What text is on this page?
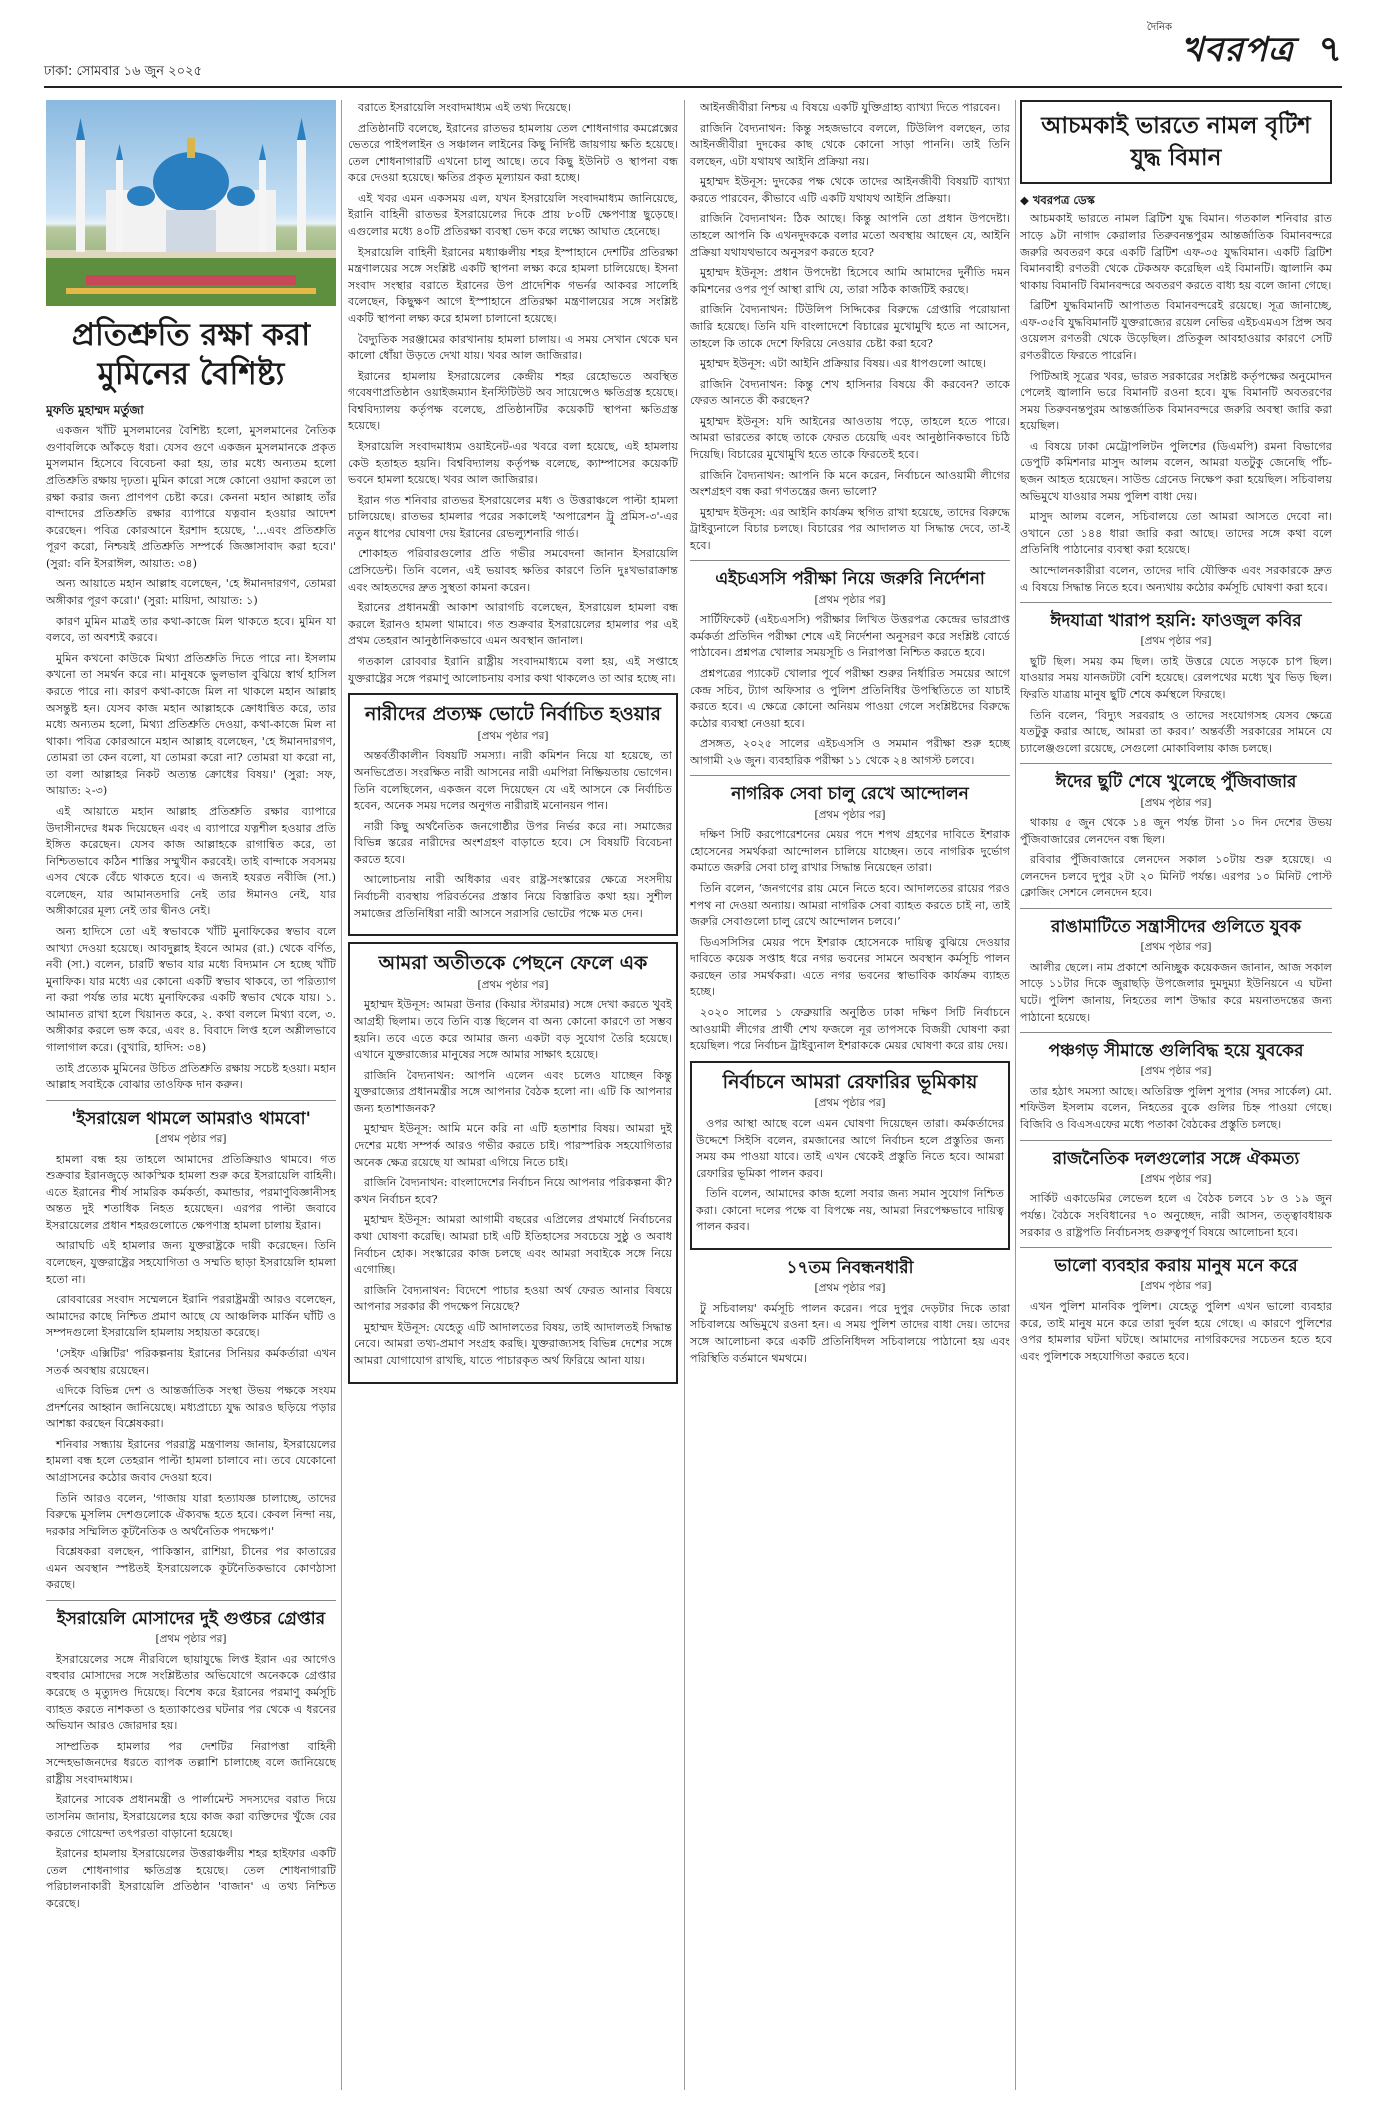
ঢাকা: সোমবার ১৬ জুন ২০২৫
দৈনিক
খবরপত্র ৭
প্রতিশ্রুতি রক্ষা করা মুমিনের বৈশিষ্ট্য
মুফতি মুহাম্মদ মর্তুজা

একজন খাঁটি মুসলমানের বৈশিষ্ট্য হলো, মুসলমানের নৈতিক গুণাবলিকে আঁকড়ে ধরা। যেসব গুণে একজন মুসলমানকে প্রকৃত মুসলমান হিসেবে বিবেচনা করা হয়, তার মধ্যে অন্যতম হলো প্রতিশ্রুতি রক্ষায় দৃঢ়তা। মুমিন কারো সঙ্গে কোনো ওয়াদা করলে তা রক্ষা করার জন্য প্রাণপণ চেষ্টা করে। কেননা মহান আল্লাহ তাঁর বান্দাদের প্রতিশ্রুতি রক্ষার ব্যাপারে যত্নবান হওয়ার আদেশ করেছেন। পবিত্র কোরআনে ইরশাদ হয়েছে, '...এবং প্রতিশ্রুতি পূরণ করো, নিশ্চয়ই প্রতিশ্রুতি সম্পর্কে জিজ্ঞাসাবাদ করা হবে।' (সুরা: বনি ইসরাঈল, আয়াত: ৩৪)

অন্য আয়াতে মহান আল্লাহ বলেছেন, 'হে ঈমানদারগণ, তোমরা অঙ্গীকার পূরণ করো।' (সুরা: মায়িদা, আয়াত: ১)

কারণ মুমিন মাত্রই তার কথা-কাজে মিল থাকতে হবে। মুমিন যা বলবে, তা অবশ্যই করবে।

মুমিন কখনো কাউকে মিথ্যা প্রতিশ্রুতি দিতে পারে না। ইসলাম কখনো তা সমর্থন করে না। মানুষকে ভুলভাল বুঝিয়ে স্বার্থ হাসিল করতে পারে না। কারণ কথা-কাজে মিল না থাকলে মহান আল্লাহ অসন্তুষ্ট হন। যেসব কাজ মহান আল্লাহকে ক্রোধান্বিত করে, তার মধ্যে অন্যতম হলো, মিথ্যা প্রতিশ্রুতি দেওয়া, কথা-কাজে মিল না থাকা। পবিত্র কোরআনে মহান আল্লাহ বলেছেন, 'হে ঈমানদারগণ, তোমরা তা কেন বলো, যা তোমরা করো না? তোমরা যা করো না, তা বলা আল্লাহর নিকট অত্যন্ত ক্রোধের বিষয়।' (সুরা: সফ, আয়াত: ২-৩)

এই আয়াতে মহান আল্লাহ প্রতিশ্রুতি রক্ষার ব্যাপারে উদাসীনদের ধমক দিয়েছেন এবং এ ব্যাপারে যত্নশীল হওয়ার প্রতি ইঙ্গিত করেছেন। যেসব কাজ আল্লাহকে রাগান্বিত করে, তা নিশ্চিতভাবে কঠিন শাস্তির সম্মুখীন করবেই। তাই বান্দাকে সবসময় এসব থেকে বেঁচে থাকতে হবে। এ জন্যই হযরত নবীজি (সা.) বলেছেন, যার আমানতদারি নেই তার ঈমানও নেই, যার অঙ্গীকারের মূল্য নেই তার দ্বীনও নেই।

অন্য হাদিসে তো এই স্বভাবকে খাঁটি মুনাফিকের স্বভাব বলে আখ্যা দেওয়া হয়েছে। আবদুল্লাহ ইবনে আমর (রা.) থেকে বর্ণিত, নবী (সা.) বলেন, চারটি স্বভাব যার মধ্যে বিদ্যমান সে হচ্ছে খাঁটি মুনাফিক। যার মধ্যে এর কোনো একটি স্বভাব থাকবে, তা পরিত্যাগ না করা পর্যন্ত তার মধ্যে মুনাফিকের একটি স্বভাব থেকে যায়। ১. আমানত রাখা হলে খিয়ানত করে, ২. কথা বললে মিথ্যা বলে, ৩. অঙ্গীকার করলে ভঙ্গ করে, এবং ৪. বিবাদে লিপ্ত হলে অশ্লীলভাবে গালাগাল করে। (বুখারি, হাদিস: ৩৪)

তাই প্রত্যেক মুমিনের উচিত প্রতিশ্রুতি রক্ষায় সচেষ্ট হওয়া। মহান আল্লাহ সবাইকে বোঝার তাওফিক দান করুন।

'ইসরায়েল থামলে আমরাও থামবো'
[প্রথম পৃষ্ঠার পর]

হামলা বন্ধ হয় তাহলে আমাদের প্রতিক্রিয়াও থামবে। গত শুক্রবার ইরানজুড়ে আকস্মিক হামলা শুরু করে ইসরায়েলি বাহিনী। এতে ইরানের শীর্ষ সামরিক কর্মকর্তা, কমান্ডার, পরমাণুবিজ্ঞানীসহ অন্তত দুই শতাধিক নিহত হয়েছেন। এরপর পাল্টা জবাবে ইসরায়েলের প্রধান শহরগুলোতে ক্ষেপণাস্ত্র হামলা চালায় ইরান।

আরাঘচি এই হামলার জন্য যুক্তরাষ্ট্রকে দায়ী করেছেন। তিনি বলেছেন, যুক্তরাষ্ট্রের সহযোগিতা ও সম্মতি ছাড়া ইসরায়েলি হামলা হতো না।

রোববারের সংবাদ সম্মেলনে ইরানি পররাষ্ট্রমন্ত্রী আরও বলেছেন, আমাদের কাছে নিশ্চিত প্রমাণ আছে যে আঞ্চলিক মার্কিন ঘাঁটি ও সম্পদগুলো ইসরায়েলি হামলায় সহায়তা করেছে।

'সেইফ এক্সিটির' পরিকল্পনায় ইরানের সিনিয়র কর্মকর্তারা এখন সতর্ক অবস্থায় রয়েছেন।

এদিকে বিভিন্ন দেশ ও আন্তর্জাতিক সংস্থা উভয় পক্ষকে সংযম প্রদর্শনের আহ্বান জানিয়েছে। মধ্যপ্রাচ্যে যুদ্ধ আরও ছড়িয়ে পড়ার আশঙ্কা করছেন বিশ্লেষকরা।

শনিবার সন্ধ্যায় ইরানের পররাষ্ট্র মন্ত্রণালয় জানায়, ইসরায়েলের হামলা বন্ধ হলে তেহরান পাল্টা হামলা চালাবে না। তবে যেকোনো আগ্রাসনের কঠোর জবাব দেওয়া হবে।

তিনি আরও বলেন, 'গাজায় যারা হত্যাযজ্ঞ চালাচ্ছে, তাদের বিরুদ্ধে মুসলিম দেশগুলোকে ঐক্যবদ্ধ হতে হবে। কেবল নিন্দা নয়, দরকার সম্মিলিত কূটনৈতিক ও অর্থনৈতিক পদক্ষেপ।'

বিশ্লেষকরা বলছেন, পাকিস্তান, রাশিয়া, চীনের পর কাতারের এমন অবস্থান স্পষ্টতই ইসরায়েলকে কূটনৈতিকভাবে কোণঠাসা করছে।

ইসরায়েলি মোসাদের দুই গুপ্তচর গ্রেপ্তার
[প্রথম পৃষ্ঠার পর]

ইসরায়েলের সঙ্গে নীরবিলে ছায়াযুদ্ধে লিপ্ত ইরান এর আগেও বহুবার মোসাদের সঙ্গে সংশ্লিষ্টতার অভিযোগে অনেককে গ্রেপ্তার করেছে ও মৃত্যুদণ্ড দিয়েছে। বিশেষ করে ইরানের পরমাণু কর্মসূচি ব্যাহত করতে নাশকতা ও হত্যাকাণ্ডের ঘটনার পর থেকে এ ধরনের অভিযান আরও জোরদার হয়।

সাম্প্রতিক হামলার পর দেশটির নিরাপত্তা বাহিনী সন্দেহভাজনদের ধরতে ব্যাপক তল্লাশি চালাচ্ছে বলে জানিয়েছে রাষ্ট্রীয় সংবাদমাধ্যম।

ইরানের সাবেক প্রধানমন্ত্রী ও পার্লামেন্ট সদস্যদের বরাত দিয়ে তাসনিম জানায়, ইসরায়েলের হয়ে কাজ করা ব্যক্তিদের খুঁজে বের করতে গোয়েন্দা তৎপরতা বাড়ানো হয়েছে।

ইরানের হামলায় ইসরায়েলের উত্তরাঞ্চলীয় শহর হাইফার একটি তেল শোধনাগার ক্ষতিগ্রস্ত হয়েছে। তেল শোধনাগারটি পরিচালনাকারী ইসরায়েলি প্রতিষ্ঠান 'বাজান' এ তথ্য নিশ্চিত করেছে।

বরাতে ইসরায়েলি সংবাদমাধ্যম এই তথ্য দিয়েছে।

প্রতিষ্ঠানটি বলেছে, ইরানের রাতভর হামলায় তেল শোধনাগার কমপ্লেক্সের ভেতরে পাইপলাইন ও সঞ্চালন লাইনের কিছু নির্দিষ্ট জায়গায় ক্ষতি হয়েছে। তেল শোধনাগারটি এখনো চালু আছে। তবে কিছু ইউনিট ও স্থাপনা বন্ধ করে দেওয়া হয়েছে। ক্ষতির প্রকৃত মূল্যায়ন করা হচ্ছে।

এই খবর এমন একসময় এল, যখন ইসরায়েলি সংবাদমাধ্যম জানিয়েছে, ইরানি বাহিনী রাতভর ইসরায়েলের দিকে প্রায় ৮০টি ক্ষেপণাস্ত্র ছুড়েছে। এগুলোর মধ্যে ৪০টি প্রতিরক্ষা ব্যবস্থা ভেদ করে লক্ষ্যে আঘাত হেনেছে।

ইসরায়েলি বাহিনী ইরানের মধ্যাঞ্চলীয় শহর ইস্পাহানে দেশটির প্রতিরক্ষা মন্ত্রণালয়ের সঙ্গে সংশ্লিষ্ট একটি স্থাপনা লক্ষ্য করে হামলা চালিয়েছে। ইসনা সংবাদ সংস্থার বরাতে ইরানের উপ প্রাদেশিক গভর্নর আকবর সালেহি বলেছেন, কিছুক্ষণ আগে ইস্পাহানে প্রতিরক্ষা মন্ত্রণালয়ের সঙ্গে সংশ্লিষ্ট একটি স্থাপনা লক্ষ্য করে হামলা চালানো হয়েছে।

বৈদ্যুতিক সরঞ্জামের কারখানায় হামলা চালায়। এ সময় সেখান থেকে ঘন কালো ধোঁয়া উড়তে দেখা যায়। খবর আল জাজিরার।

ইরানের হামলায় ইসরায়েলের কেন্দ্রীয় শহর রেহোভতে অবস্থিত গবেষণাপ্রতিষ্ঠান ওয়াইজম্যান ইনস্টিটিউট অব সায়েন্সেও ক্ষতিগ্রস্ত হয়েছে। বিশ্ববিদ্যালয় কর্তৃপক্ষ বলেছে, প্রতিষ্ঠানটির কয়েকটি স্থাপনা ক্ষতিগ্রস্ত হয়েছে।

ইসরায়েলি সংবাদমাধ্যম ওয়াইনেট-এর খবরে বলা হয়েছে, এই হামলায় কেউ হতাহত হয়নি। বিশ্ববিদ্যালয় কর্তৃপক্ষ বলেছে, ক্যাম্পাসের কয়েকটি ভবনে হামলা হয়েছে। খবর আল জাজিরার।

ইরান গত শনিবার রাতভর ইসরায়েলের মধ্য ও উত্তরাঞ্চলে পাল্টা হামলা চালিয়েছে। রাতভর হামলার পরের সকালেই 'অপারেশন ট্রু প্রমিস-৩'-এর নতুন ধাপের ঘোষণা দেয় ইরানের রেভল্যুশনারি গার্ড।

শোকাহত পরিবারগুলোর প্রতি গভীর সমবেদনা জানান ইসরায়েলি প্রেসিডেন্ট। তিনি বলেন, এই ভয়াবহ ক্ষতির কারণে তিনি দুঃখভারাক্রান্ত এবং আহতদের দ্রুত সুস্থতা কামনা করেন।

ইরানের প্রধানমন্ত্রী আকাশ আরাগচি বলেছেন, ইসরায়েল হামলা বন্ধ করলে ইরানও হামলা থামাবে। গত শুক্রবার ইসরায়েলের হামলার পর এই প্রথম তেহরান আনুষ্ঠানিকভাবে এমন অবস্থান জানাল।

গতকাল রোববার ইরানি রাষ্ট্রীয় সংবাদমাধ্যমে বলা হয়, এই সপ্তাহে যুক্তরাষ্ট্রের সঙ্গে পরমাণু আলোচনায় বসার কথা থাকলেও তা আর হচ্ছে না।

নারীদের প্রত্যক্ষ ভোটে নির্বাচিত হওয়ার
[প্রথম পৃষ্ঠার পর]

অন্তর্বর্তীকালীন বিষয়টি সমস্যা। নারী কমিশন নিয়ে যা হয়েছে, তা অনভিপ্রেত। সংরক্ষিত নারী আসনের নারী এমপিরা নিষ্ক্রিয়তায় ভোগেন। তিনি বলেছিলেন, একজন বলে দিয়েছেন যে এই আসনে কে নির্বাচিত হবেন, অনেক সময় দলের অনুগত নারীরাই মনোনয়ন পান।

নারী কিছু অর্থনৈতিক জনগোষ্ঠীর উপর নির্ভর করে না। সমাজের বিভিন্ন স্তরের নারীদের অংশগ্রহণ বাড়াতে হবে। সে বিষয়টি বিবেচনা করতে হবে।

আলোচনায় নারী অধিকার এবং রাষ্ট্র-সংস্কারের ক্ষেত্রে সংসদীয় নির্বাচনী ব্যবস্থায় পরিবর্তনের প্রস্তাব নিয়ে বিস্তারিত কথা হয়। সুশীল সমাজের প্রতিনিধিরা নারী আসনে সরাসরি ভোটের পক্ষে মত দেন।

আমরা অতীতকে পেছনে ফেলে এক
[প্রথম পৃষ্ঠার পর]

মুহাম্মদ ইউনূস: আমরা উনার (কিয়ার স্টারমার) সঙ্গে দেখা করতে খুবই আগ্রহী ছিলাম। তবে তিনি ব্যস্ত ছিলেন বা অন্য কোনো কারণে তা সম্ভব হয়নি। তবে এতে করে আমার জন্য একটা বড় সুযোগ তৈরি হয়েছে। এখানে যুক্তরাজ্যের মানুষের সঙ্গে আমার সাক্ষাৎ হয়েছে।

রাজিনি বৈদ্যনাথন: আপনি এলেন এবং চলেও যাচ্ছেন কিন্তু যুক্তরাজ্যের প্রধানমন্ত্রীর সঙ্গে আপনার বৈঠক হলো না। এটি কি আপনার জন্য হতাশাজনক?

মুহাম্মদ ইউনূস: আমি মনে করি না এটি হতাশার বিষয়। আমরা দুই দেশের মধ্যে সম্পর্ক আরও গভীর করতে চাই। পারস্পরিক সহযোগিতার অনেক ক্ষেত্র রয়েছে যা আমরা এগিয়ে নিতে চাই।

রাজিনি বৈদ্যনাথন: বাংলাদেশের নির্বাচন নিয়ে আপনার পরিকল্পনা কী? কখন নির্বাচন হবে?

মুহাম্মদ ইউনূস: আমরা আগামী বছরের এপ্রিলের প্রথমার্ধে নির্বাচনের কথা ঘোষণা করেছি। আমরা চাই এটি ইতিহাসের সবচেয়ে সুষ্ঠু ও অবাধ নির্বাচন হোক। সংস্কারের কাজ চলছে এবং আমরা সবাইকে সঙ্গে নিয়ে এগোচ্ছি।

রাজিনি বৈদ্যনাথন: বিদেশে পাচার হওয়া অর্থ ফেরত আনার বিষয়ে আপনার সরকার কী পদক্ষেপ নিয়েছে?

মুহাম্মদ ইউনূস: যেহেতু এটি আদালতের বিষয়, তাই আদালতই সিদ্ধান্ত নেবে। আমরা তথ্য-প্রমাণ সংগ্রহ করছি। যুক্তরাজ্যসহ বিভিন্ন দেশের সঙ্গে আমরা যোগাযোগ রাখছি, যাতে পাচারকৃত অর্থ ফিরিয়ে আনা যায়।

আইনজীবীরা নিশ্চয় এ বিষয়ে একটি যুক্তিগ্রাহ্য ব্যাখ্যা দিতে পারবেন।

রাজিনি বৈদ্যনাথন: কিন্তু সহজভাবে বললে, টিউলিপ বলছেন, তার আইনজীবীরা দুদকের কাছ থেকে কোনো সাড়া পাননি। তাই তিনি বলছেন, এটা যথাযথ আইনি প্রক্রিয়া নয়।

মুহাম্মদ ইউনূস: দুদকের পক্ষ থেকে তাদের আইনজীবী বিষয়টি ব্যাখ্যা করতে পারবেন, কীভাবে এটি একটি যথাযথ আইনি প্রক্রিয়া।

রাজিনি বৈদ্যনাথন: ঠিক আছে। কিন্তু আপনি তো প্রধান উপদেষ্টা। তাহলে আপনি কি এখনদুদককে বলার মতো অবস্থায় আছেন যে, আইনি প্রক্রিয়া যথাযথভাবে অনুসরণ করতে হবে?

মুহাম্মদ ইউনূস: প্রধান উপদেষ্টা হিসেবে আমি আমাদের দুর্নীতি দমন কমিশনের ওপর পূর্ণ আস্থা রাখি যে, তারা সঠিক কাজটিই করছে।

রাজিনি বৈদ্যনাথন: টিউলিপ সিদ্দিকের বিরুদ্ধে গ্রেপ্তারি পরোয়ানা জারি হয়েছে। তিনি যদি বাংলাদেশে বিচারের মুখোমুখি হতে না আসেন, তাহলে কি তাকে দেশে ফিরিয়ে নেওয়ার চেষ্টা করা হবে?

মুহাম্মদ ইউনূস: এটা আইনি প্রক্রিয়ার বিষয়। এর ধাপগুলো আছে।

রাজিনি বৈদ্যনাথন: কিন্তু শেখ হাসিনার বিষয়ে কী করবেন? তাকে ফেরত আনতে কী করছেন?

মুহাম্মদ ইউনূস: যদি আইনের আওতায় পড়ে, তাহলে হতে পারে। আমরা ভারতের কাছে তাকে ফেরত চেয়েছি এবং আনুষ্ঠানিকভাবে চিঠি দিয়েছি। বিচারের মুখোমুখি হতে তাকে ফিরতেই হবে।

রাজিনি বৈদ্যনাথন: আপনি কি মনে করেন, নির্বাচনে আওয়ামী লীগের অংশগ্রহণ বন্ধ করা গণতন্ত্রের জন্য ভালো?

মুহাম্মদ ইউনূস: এর আইনি কার্যক্রম স্থগিত রাখা হয়েছে, তাদের বিরুদ্ধে ট্রাইব্যুনালে বিচার চলছে। বিচারের পর আদালত যা সিদ্ধান্ত দেবে, তা-ই হবে।

এইচএসসি পরীক্ষা নিয়ে জরুরি নির্দেশনা
[প্রথম পৃষ্ঠার পর]

সার্টিফিকেট (এইচএসসি) পরীক্ষার লিখিত উত্তরপত্র কেন্দ্রের ভারপ্রাপ্ত কর্মকর্তা প্রতিদিন পরীক্ষা শেষে এই নির্দেশনা অনুসরণ করে সংশ্লিষ্ট বোর্ডে পাঠাবেন। প্রশ্নপত্র খোলার সময়সূচি ও নিরাপত্তা নিশ্চিত করতে হবে।

প্রশ্নপত্রের প্যাকেট খোলার পূর্বে পরীক্ষা শুরুর নির্ধারিত সময়ের আগে কেন্দ্র সচিব, ট্যাগ অফিসার ও পুলিশ প্রতিনিধির উপস্থিতিতে তা যাচাই করতে হবে। এ ক্ষেত্রে কোনো অনিয়ম পাওয়া গেলে সংশ্লিষ্টদের বিরুদ্ধে কঠোর ব্যবস্থা নেওয়া হবে।

প্রসঙ্গত, ২০২৫ সালের এইচএসসি ও সমমান পরীক্ষা শুরু হচ্ছে আগামী ২৬ জুন। ব্যবহারিক পরীক্ষা ১১ থেকে ২৪ আগস্ট চলবে।

নাগরিক সেবা চালু রেখে আন্দোলন
[প্রথম পৃষ্ঠার পর]

দক্ষিণ সিটি করপোরেশনের মেয়র পদে শপথ গ্রহণের দাবিতে ইশরাক হোসেনের সমর্থকরা আন্দোলন চালিয়ে যাচ্ছেন। তবে নাগরিক দুর্ভোগ কমাতে জরুরি সেবা চালু রাখার সিদ্ধান্ত নিয়েছেন তারা।

তিনি বলেন, ‘জনগণের রায় মেনে নিতে হবে। আদালতের রায়ের পরও শপথ না দেওয়া অন্যায়। আমরা নাগরিক সেবা ব্যাহত করতে চাই না, তাই জরুরি সেবাগুলো চালু রেখে আন্দোলন চলবে।’

ডিএসসিসির মেয়র পদে ইশরাক হোসেনকে দায়িত্ব বুঝিয়ে দেওয়ার দাবিতে কয়েক সপ্তাহ ধরে নগর ভবনের সামনে অবস্থান কর্মসূচি পালন করছেন তার সমর্থকরা। এতে নগর ভবনের স্বাভাবিক কার্যক্রম ব্যাহত হচ্ছে।

২০২০ সালের ১ ফেব্রুয়ারি অনুষ্ঠিত ঢাকা দক্ষিণ সিটি নির্বাচনে আওয়ামী লীগের প্রার্থী শেখ ফজলে নূর তাপসকে বিজয়ী ঘোষণা করা হয়েছিল। পরে নির্বাচন ট্রাইব্যুনাল ইশরাককে মেয়র ঘোষণা করে রায় দেয়।

নির্বাচনে আমরা রেফারির ভূমিকায়
[প্রথম পৃষ্ঠার পর]

ওপর আস্থা আছে বলে এমন ঘোষণা দিয়েছেন তারা। কর্মকর্তাদের উদ্দেশে সিইসি বলেন, রমজানের আগে নির্বাচন হলে প্রস্তুতির জন্য সময় কম পাওয়া যাবে। তাই এখন থেকেই প্রস্তুতি নিতে হবে। আমরা রেফারির ভূমিকা পালন করব।

তিনি বলেন, আমাদের কাজ হলো সবার জন্য সমান সুযোগ নিশ্চিত করা। কোনো দলের পক্ষে বা বিপক্ষে নয়, আমরা নিরপেক্ষভাবে দায়িত্ব পালন করব।

১৭তম নিবন্ধনধারী
[প্রথম পৃষ্ঠার পর]

টু সচিবালয়' কর্মসূচি পালন করেন। পরে দুপুর দেড়টার দিকে তারা সচিবালয়ে অভিমুখে রওনা হন। এ সময় পুলিশ তাদের বাধা দেয়। তাদের সঙ্গে আলোচনা করে একটি প্রতিনিধিদল সচিবালয়ে পাঠানো হয় এবং পরিস্থিতি বর্তমানে থমথমে।

আচমকাই ভারতে নামল বৃটিশ যুদ্ধ বিমান
◆ খবরপত্র ডেস্ক

আচমকাই ভারতে নামল ব্রিটিশ যুদ্ধ বিমান। গতকাল শনিবার রাত সাড়ে ৯টা নাগাদ কেরালার তিরুবনন্তপুরম আন্তর্জাতিক বিমানবন্দরে জরুরি অবতরণ করে একটি ব্রিটিশ এফ-৩৫ যুদ্ধবিমান। একটি ব্রিটিশ বিমানবাহী রণতরী থেকে টেকঅফ করেছিল এই বিমানটি। জ্বালানি কম থাকায় বিমানটি বিমানবন্দরে অবতরণ করতে বাধ্য হয় বলে জানা গেছে।

ব্রিটিশ যুদ্ধবিমানটি আপাতত বিমানবন্দরেই রয়েছে। সূত্র জানাচ্ছে, এফ-৩৫বি যুদ্ধবিমানটি যুক্তরাজ্যের রয়েল নেভির এইচএমএস প্রিন্স অব ওয়েলস রণতরী থেকে উড়েছিল। প্রতিকূল আবহাওয়ার কারণে সেটি রণতরীতে ফিরতে পারেনি।

পিটিআই সূত্রের খবর, ভারত সরকারের সংশ্লিষ্ট কর্তৃপক্ষের অনুমোদন পেলেই জ্বালানি ভরে বিমানটি রওনা হবে। যুদ্ধ বিমানটি অবতরণের সময় তিরুবনন্তপুরম আন্তর্জাতিক বিমানবন্দরে জরুরি অবস্থা জারি করা হয়েছিল।

এ বিষয়ে ঢাকা মেট্রোপলিটন পুলিশের (ডিএমপি) রমনা বিভাগের ডেপুটি কমিশনার মাসুদ আলম বলেন, আমরা যতটুকু জেনেছি পাঁচ-ছজন আহত হয়েছেন। সাউন্ড গ্রেনেড নিক্ষেপ করা হয়েছিল। সচিবালয় অভিমুখে যাওয়ার সময় পুলিশ বাধা দেয়।

মাসুদ আলম বলেন, সচিবালয়ে তো আমরা আসতে দেবো না। ওখানে তো ১৪৪ ধারা জারি করা আছে। তাদের সঙ্গে কথা বলে প্রতিনিধি পাঠানোর ব্যবস্থা করা হয়েছে।

আন্দোলনকারীরা বলেন, তাদের দাবি যৌক্তিক এবং সরকারকে দ্রুত এ বিষয়ে সিদ্ধান্ত নিতে হবে। অন্যথায় কঠোর কর্মসূচি ঘোষণা করা হবে।

ঈদযাত্রা খারাপ হয়নি: ফাওজুল কবির
[প্রথম পৃষ্ঠার পর]

ছুটি ছিল। সময় কম ছিল। তাই উত্তরে যেতে সড়কে চাপ ছিল। যাওয়ার সময় যানজটটা বেশি হয়েছে। রেলপথের মধ্যে খুব ভিড় ছিল। ফিরতি যাত্রায় মানুষ ছুটি শেষে কর্মস্থলে ফিরছে।

তিনি বলেন, ‘বিদ্যুৎ সরবরাহ ও তাদের সংযোগসহ যেসব ক্ষেত্রে যতটুকু করার আছে, আমরা তা করব।’ অন্তর্বর্তী সরকারের সামনে যে চ্যালেঞ্জগুলো রয়েছে, সেগুলো মোকাবিলায় কাজ চলছে।

ঈদের ছুটি শেষে খুলেছে পুঁজিবাজার
[প্রথম পৃষ্ঠার পর]

থাকায় ৫ জুন থেকে ১৪ জুন পর্যন্ত টানা ১০ দিন দেশের উভয় পুঁজিবাজারের লেনদেন বন্ধ ছিল।

রবিবার পুঁজিবাজারে লেনদেন সকাল ১০টায় শুরু হয়েছে। এ লেনদেন চলবে দুপুর ২টা ২০ মিনিট পর্যন্ত। এরপর ১০ মিনিট পোস্ট ক্লোজিং সেশনে লেনদেন হবে।

রাঙামাটিতে সন্ত্রাসীদের গুলিতে যুবক
[প্রথম পৃষ্ঠার পর]

আলীর ছেলে। নাম প্রকাশে অনিচ্ছুক কয়েকজন জানান, আজ সকাল সাড়ে ১১টার দিকে জুরাছড়ি উপজেলার দুমদুম্যা ইউনিয়নে এ ঘটনা ঘটে। পুলিশ জানায়, নিহতের লাশ উদ্ধার করে ময়নাতদন্তের জন্য পাঠানো হয়েছে।

পঞ্চগড় সীমান্তে গুলিবিদ্ধ হয়ে যুবকের
[প্রথম পৃষ্ঠার পর]

তার হঠাৎ সমস্যা আছে। অতিরিক্ত পুলিশ সুপার (সদর সার্কেল) মো. শফিউল ইসলাম বলেন, নিহতের বুকে গুলির চিহ্ন পাওয়া গেছে। বিজিবি ও বিএসএফের মধ্যে পতাকা বৈঠকের প্রস্তুতি চলছে।

রাজনৈতিক দলগুলোর সঙ্গে ঐকমত্য
[প্রথম পৃষ্ঠার পর]

সার্কিট একাডেমির লেভেল হলে এ বৈঠক চলবে ১৮ ও ১৯ জুন পর্যন্ত। বৈঠকে সংবিধানের ৭০ অনুচ্ছেদ, নারী আসন, তত্ত্বাবধায়ক সরকার ও রাষ্ট্রপতি নির্বাচনসহ গুরুত্বপূর্ণ বিষয়ে আলোচনা হবে।

ভালো ব্যবহার করায় মানুষ মনে করে
[প্রথম পৃষ্ঠার পর]

এখন পুলিশ মানবিক পুলিশ। যেহেতু পুলিশ এখন ভালো ব্যবহার করে, তাই মানুষ মনে করে তারা দুর্বল হয়ে গেছে। এ কারণে পুলিশের ওপর হামলার ঘটনা ঘটছে। আমাদের নাগরিকদের সচেতন হতে হবে এবং পুলিশকে সহযোগিতা করতে হবে।
